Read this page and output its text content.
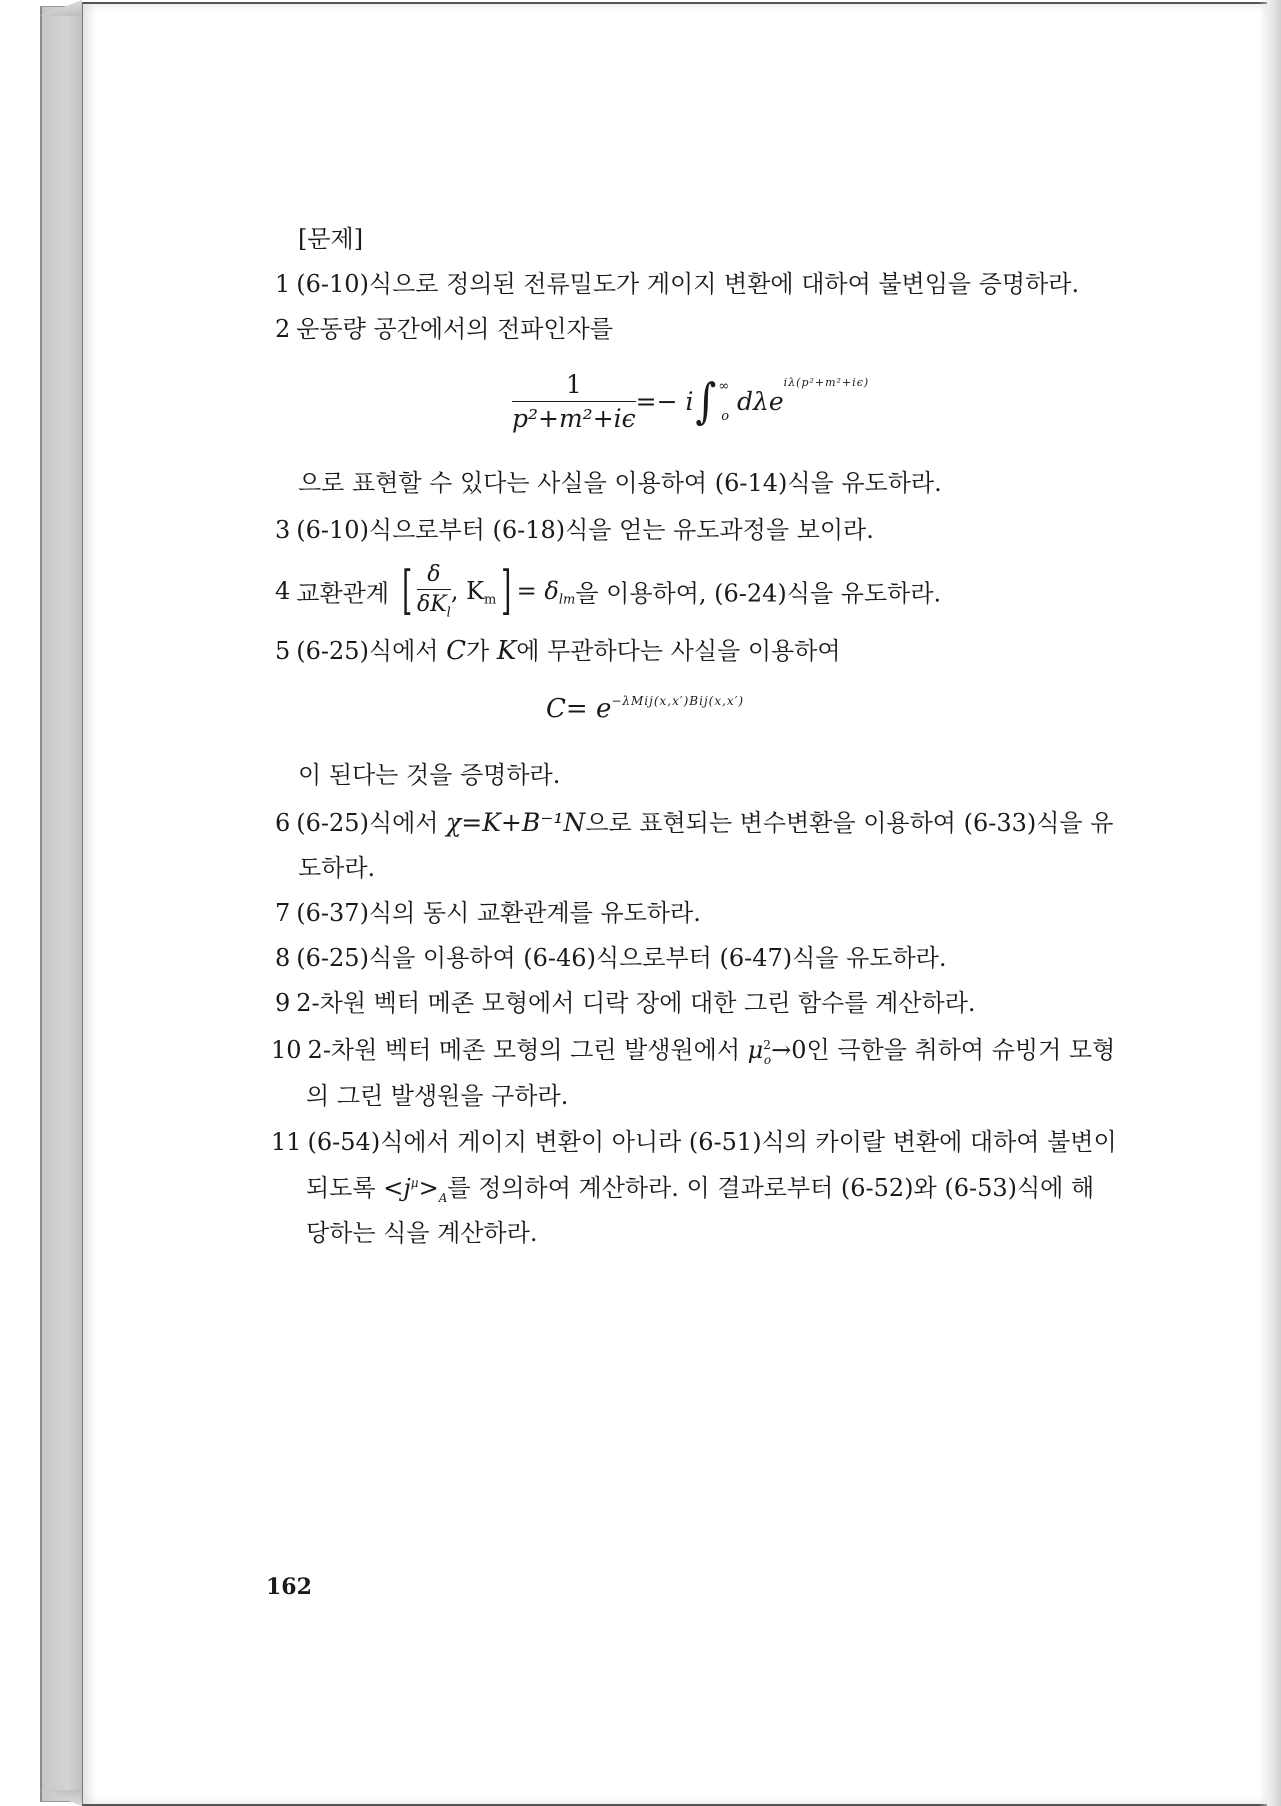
[문제]
1 (6-10)식으로 정의된 전류밀도가 게이지 변환에 대하여 불변임을 증명하라.
2 운동량 공간에서의 전파인자를
$\frac{1}{\text{p²+m²+iϵ}} =- i\int$ ∞$_o$dλe$^{i\lambda(p^2+m^2+i\epsilon)}$
으로 표현할 수 있다는 사실을 이용하여 (6-14)식을 유도하라.
3 (6-10)식으로부터 (6-18)식을 얻는 유도과정을 보이라.
4 교환관계 [ $\frac{\delta}{\delta K_l}$ , $K_m] = \delta_{lm}$을 이용하여, (6-24)식을 유도하라.
5 (6-25)식에서 C가 K에 무관하다는 사실을 이용하여
$C= e^{-\lambda Mij(x,x')Bij(x,x')}$
이 된다는 것을 증명하라.
6 (6-25)식에서 χ=K+B⁻¹N으로 표현되는 변수변환을 이용하여 (6-33)식을 유
도하라.
7 (6-37)식의 동시 교환관계를 유도하라.
8 (6-25)식을 이용하여 (6-46)식으로부터 (6-47)식을 유도하라.
9 2-차원 벡터 메존 모형에서 디락 장에 대한 그린 함수를 계산하라.
10 2-차원 벡터 메존 모형의 그린 발생원에서 $\mu^2_o\to 0$인 극한을 취하여 슈빙거 모형
의 그린 발생원을 구하라.
11 (6-54)식에서 게이지 변환이 아니라 (6-51)식의 카이랄 변환에 대하여 불변이
되도록 $<j^\mu>_A$를 정의하여 계산하라. 이 결과로부터 (6-52)와 (6-53)식에 해
당하는 식을 계산하라.
162
